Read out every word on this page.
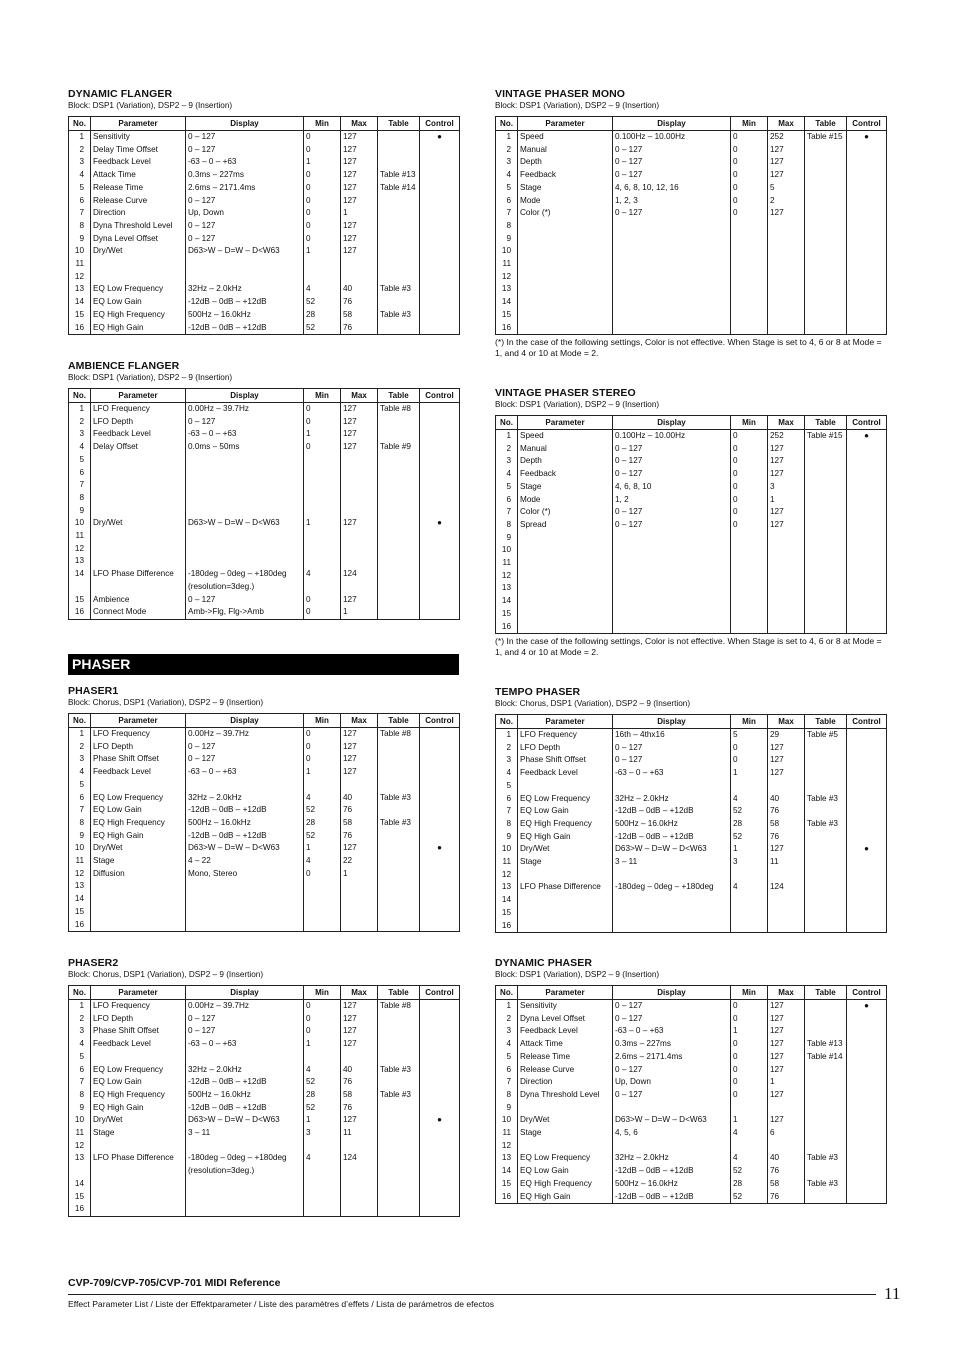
DYNAMIC FLANGER
Block: DSP1 (Variation), DSP2 – 9 (Insertion)
No.	Parameter	Display	Min	Max	Table	Control
1	Sensitivity	0 – 127	0	127		●
2	Delay Time Offset	0 – 127	0	127		
3	Feedback Level	-63 – 0 – +63	1	127		
4	Attack Time	0.3ms – 227ms	0	127	Table #13	
5	Release Time	2.6ms – 2171.4ms	0	127	Table #14	
6	Release Curve	0 – 127	0	127		
7	Direction	Up, Down	0	1		
8	Dyna Threshold Level	0 – 127	0	127		
9	Dyna Level Offset	0 – 127	0	127		
10	Dry/Wet	D63>W – D=W – D<W63	1	127		
11						
12						
13	EQ Low Frequency	32Hz – 2.0kHz	4	40	Table #3	
14	EQ Low Gain	-12dB – 0dB – +12dB	52	76		
15	EQ High Frequency	500Hz – 16.0kHz	28	58	Table #3	
16	EQ High Gain	-12dB – 0dB – +12dB	52	76		
AMBIENCE FLANGER
Block: DSP1 (Variation), DSP2 – 9 (Insertion)
No.	Parameter	Display	Min	Max	Table	Control
1	LFO Frequency	0.00Hz – 39.7Hz	0	127	Table #8	
2	LFO Depth	0 – 127	0	127		
3	Feedback Level	-63 – 0 – +63	1	127		
4	Delay Offset	0.0ms – 50ms	0	127	Table #9	
5						
6						
7						
8						
9						
10	Dry/Wet	D63>W – D=W – D<W63	1	127		●
11						
12						
13						
14	LFO Phase Difference	-180deg – 0deg – +180deg (resolution=3deg.)	4	124		
15	Ambience	0 – 127	0	127		
16	Connect Mode	Amb->Flg, Flg->Amb	0	1		
PHASER1
Block: Chorus, DSP1 (Variation), DSP2 – 9 (Insertion)
No.	Parameter	Display	Min	Max	Table	Control
1	LFO Frequency	0.00Hz – 39.7Hz	0	127	Table #8	
2	LFO Depth	0 – 127	0	127		
3	Phase Shift Offset	0 – 127	0	127		
4	Feedback Level	-63 – 0 – +63	1	127		
5						
6	EQ Low Frequency	32Hz – 2.0kHz	4	40	Table #3	
7	EQ Low Gain	-12dB – 0dB – +12dB	52	76		
8	EQ High Frequency	500Hz – 16.0kHz	28	58	Table #3	
9	EQ High Gain	-12dB – 0dB – +12dB	52	76		
10	Dry/Wet	D63>W – D=W – D<W63	1	127		●
11	Stage	4 – 22	4	22		
12	Diffusion	Mono, Stereo	0	1		
13						
14						
15						
16						
PHASER2
Block: Chorus, DSP1 (Variation), DSP2 – 9 (Insertion)
No.	Parameter	Display	Min	Max	Table	Control
1	LFO Frequency	0.00Hz – 39.7Hz	0	127	Table #8	
2	LFO Depth	0 – 127	0	127		
3	Phase Shift Offset	0 – 127	0	127		
4	Feedback Level	-63 – 0 – +63	1	127		
5						
6	EQ Low Frequency	32Hz – 2.0kHz	4	40	Table #3	
7	EQ Low Gain	-12dB – 0dB – +12dB	52	76		
8	EQ High Frequency	500Hz – 16.0kHz	28	58	Table #3	
9	EQ High Gain	-12dB – 0dB – +12dB	52	76		
10	Dry/Wet	D63>W – D=W – D<W63	1	127		●
11	Stage	3 – 11	3	11		
12						
13	LFO Phase Difference	-180deg – 0deg – +180deg (resolution=3deg.)	4	124		
14						
15						
16						
PHASER
VINTAGE PHASER MONO
Block: DSP1 (Variation), DSP2 – 9 (Insertion)
No.	Parameter	Display	Min	Max	Table	Control
1	Speed	0.100Hz – 10.00Hz	0	252	Table #15	●
2	Manual	0 – 127	0	127		
3	Depth	0 – 127	0	127		
4	Feedback	0 – 127	0	127		
5	Stage	4, 6, 8, 10, 12, 16	0	5		
6	Mode	1, 2, 3	0	2		
7	Color (*)	0 – 127	0	127		
8						
9						
10						
11						
12						
13						
14						
15						
16						
(*) In the case of the following settings, Color is not effective. When Stage is set to 4, 6 or 8 at Mode = 1, and 4 or 10 at Mode = 2.
VINTAGE PHASER STEREO
Block: DSP1 (Variation), DSP2 – 9 (Insertion)
No.	Parameter	Display	Min	Max	Table	Control
1	Speed	0.100Hz – 10.00Hz	0	252	Table #15	●
2	Manual	0 – 127	0	127		
3	Depth	0 – 127	0	127		
4	Feedback	0 – 127	0	127		
5	Stage	4, 6, 8, 10	0	3		
6	Mode	1, 2	0	1		
7	Color (*)	0 – 127	0	127		
8	Spread	0 – 127	0	127		
9						
10						
11						
12						
13						
14						
15						
16						
(*) In the case of the following settings, Color is not effective. When Stage is set to 4, 6 or 8 at Mode = 1, and 4 or 10 at Mode = 2.
TEMPO PHASER
Block: Chorus, DSP1 (Variation), DSP2 – 9 (Insertion)
No.	Parameter	Display	Min	Max	Table	Control
1	LFO Frequency	16th – 4thx16	5	29	Table #5	
2	LFO Depth	0 – 127	0	127		
3	Phase Shift Offset	0 – 127	0	127		
4	Feedback Level	-63 – 0 – +63	1	127		
5						
6	EQ Low Frequency	32Hz – 2.0kHz	4	40	Table #3	
7	EQ Low Gain	-12dB – 0dB – +12dB	52	76		
8	EQ High Frequency	500Hz – 16.0kHz	28	58	Table #3	
9	EQ High Gain	-12dB – 0dB – +12dB	52	76		
10	Dry/Wet	D63>W – D=W – D<W63	1	127		●
11	Stage	3 – 11	3	11		
12						
13	LFO Phase Difference	-180deg – 0deg – +180deg	4	124		
14						
15						
16						
DYNAMIC PHASER
Block: DSP1 (Variation), DSP2 – 9 (Insertion)
No.	Parameter	Display	Min	Max	Table	Control
1	Sensitivity	0 – 127	0	127		●
2	Dyna Level Offset	0 – 127	0	127		
3	Feedback Level	-63 – 0 – +63	1	127		
4	Attack Time	0.3ms – 227ms	0	127	Table #13	
5	Release Time	2.6ms – 2171.4ms	0	127	Table #14	
6	Release Curve	0 – 127	0	127		
7	Direction	Up, Down	0	1		
8	Dyna Threshold Level	0 – 127	0	127		
9						
10	Dry/Wet	D63>W – D=W – D<W63	1	127		
11	Stage	4, 5, 6	4	6		
12						
13	EQ Low Frequency	32Hz – 2.0kHz	4	40	Table #3	
14	EQ Low Gain	-12dB – 0dB – +12dB	52	76		
15	EQ High Frequency	500Hz – 16.0kHz	28	58	Table #3	
16	EQ High Gain	-12dB – 0dB – +12dB	52	76		
CVP-709/CVP-705/CVP-701 MIDI Reference
Effect Parameter List / Liste der Effektparameter / Liste des paramètres d’effets / Lista de parámetros de efectos
11
